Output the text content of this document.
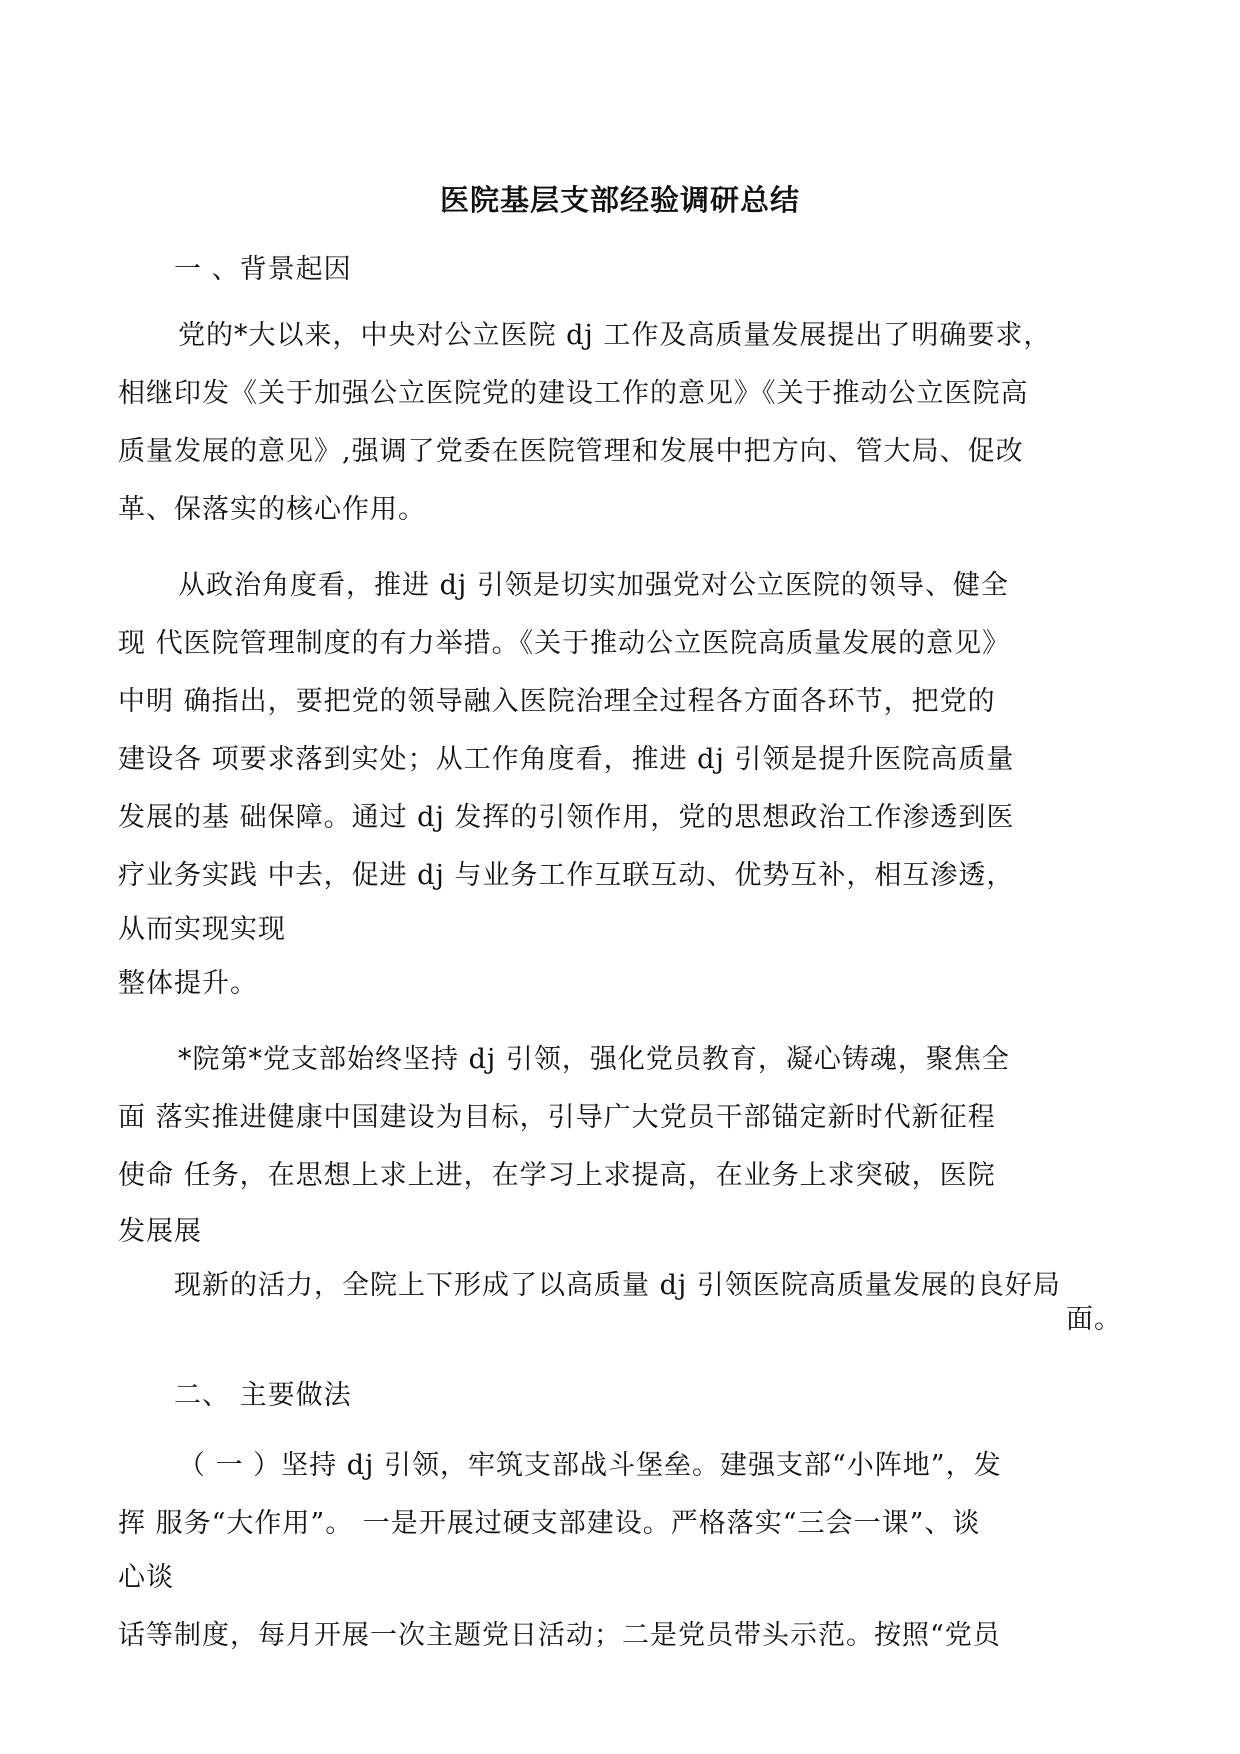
医院基层支部经验调研总结
一 、背景起因
党的*大以来，中央对公立医院 dj 工作及高质量发展提出了明确要求，
相继印发《关于加强公立医院党的建设工作的意见》《关于推动公立医院高
质量发展的意见》,强调了党委在医院管理和发展中把方向、管大局、促改
革、保落实的核心作用。
从政治角度看，推进 dj 引领是切实加强党对公立医院的领导、健全
现 代医院管理制度的有力举措。《关于推动公立医院高质量发展的意见》
中明 确指出，要把党的领导融入医院治理全过程各方面各环节，把党的
建设各 项要求落到实处；从工作角度看，推进 dj 引领是提升医院高质量
发展的基 础保障。通过 dj 发挥的引领作用，党的思想政治工作渗透到医
疗业务实践 中去，促进 dj 与业务工作互联互动、优势互补，相互渗透，
从而实现实现
整体提升。
*院第*党支部始终坚持 dj 引领，强化党员教育，凝心铸魂，聚焦全
面 落实推进健康中国建设为目标，引导广大党员干部锚定新时代新征程
使命 任务，在思想上求上进，在学习上求提高，在业务上求突破，医院
发展展
现新的活力，全院上下形成了以高质量 dj 引领医院高质量发展的良好局
面。
二、 主要做法
（ 一 ）坚持 dj 引领，牢筑支部战斗堡垒。建强支部“小阵地”，发
挥 服务“大作用”。 一是开展过硬支部建设。严格落实“三会一课”、谈
心谈
话等制度，每月开展一次主题党日活动；二是党员带头示范。按照“党员
